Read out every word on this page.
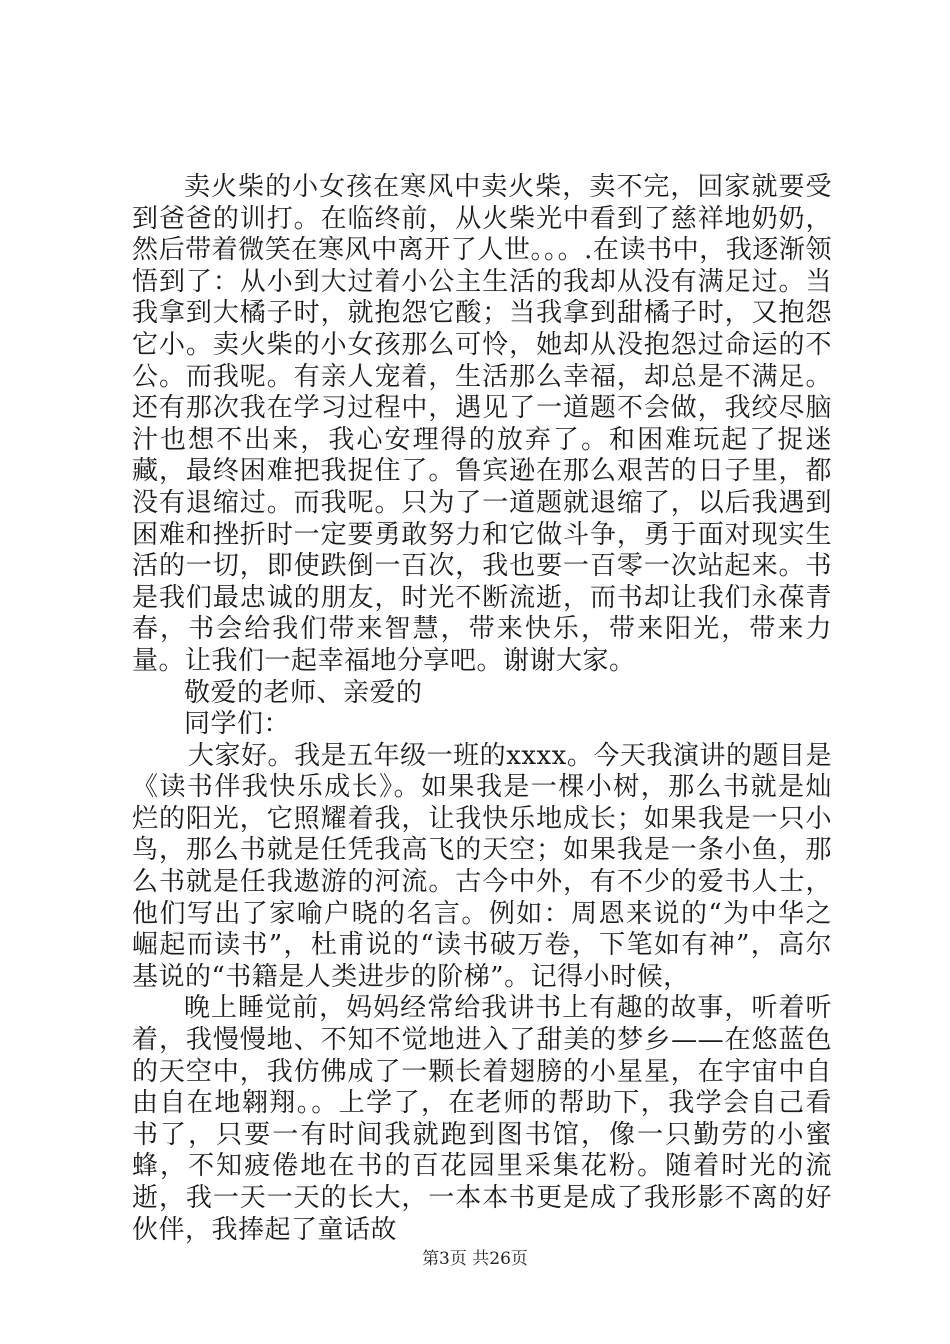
卖火柴的小女孩在寒风中卖火柴，卖不完，回家就要受到爸爸的训打。在临终前，从火柴光中看到了慈祥地奶奶，然后带着微笑在寒风中离开了人世。。。.在读书中，我逐渐领悟到了：从小到大过着小公主生活的我却从没有满足过。当我拿到大橘子时，就抱怨它酸；当我拿到甜橘子时，又抱怨它小。卖火柴的小女孩那么可怜，她却从没抱怨过命运的不公。而我呢。有亲人宠着，生活那么幸福，却总是不满足。还有那次我在学习过程中，遇见了一道题不会做，我绞尽脑汁也想不出来，我心安理得的放弃了。和困难玩起了捉迷藏，最终困难把我捉住了。鲁宾逊在那么艰苦的日子里，都没有退缩过。而我呢。只为了一道题就退缩了，以后我遇到困难和挫折时一定要勇敢努力和它做斗争，勇于面对现实生活的一切，即使跌倒一百次，我也要一百零一次站起来。书是我们最忠诚的朋友，时光不断流逝，而书却让我们永葆青春，书会给我们带来智慧，带来快乐，带来阳光，带来力量。让我们一起幸福地分享吧。谢谢大家。

敬爱的老师、亲爱的

同学们：

大家好。我是五年级一班的xxxx。今天我演讲的题目是《读书伴我快乐成长》。如果我是一棵小树，那么书就是灿烂的阳光，它照耀着我，让我快乐地成长；如果我是一只小鸟，那么书就是任凭我高飞的天空；如果我是一条小鱼，那么书就是任我遨游的河流。古今中外，有不少的爱书人士，他们写出了家喻户晓的名言。例如：周恩来说的“为中华之崛起而读书”，杜甫说的“读书破万卷，下笔如有神”，高尔基说的“书籍是人类进步的阶梯”。记得小时候，

晚上睡觉前，妈妈经常给我讲书上有趣的故事，听着听着，我慢慢地、不知不觉地进入了甜美的梦乡——在悠蓝色的天空中，我仿佛成了一颗长着翅膀的小星星，在宇宙中自由自在地翱翔。。上学了，在老师的帮助下，我学会自己看书了，只要一有时间我就跑到图书馆，像一只勤劳的小蜜蜂，不知疲倦地在书的百花园里采集花粉。随着时光的流逝，我一天一天的长大，一本本书更是成了我形影不离的好伙伴，我捧起了童话故

第3页 共26页
